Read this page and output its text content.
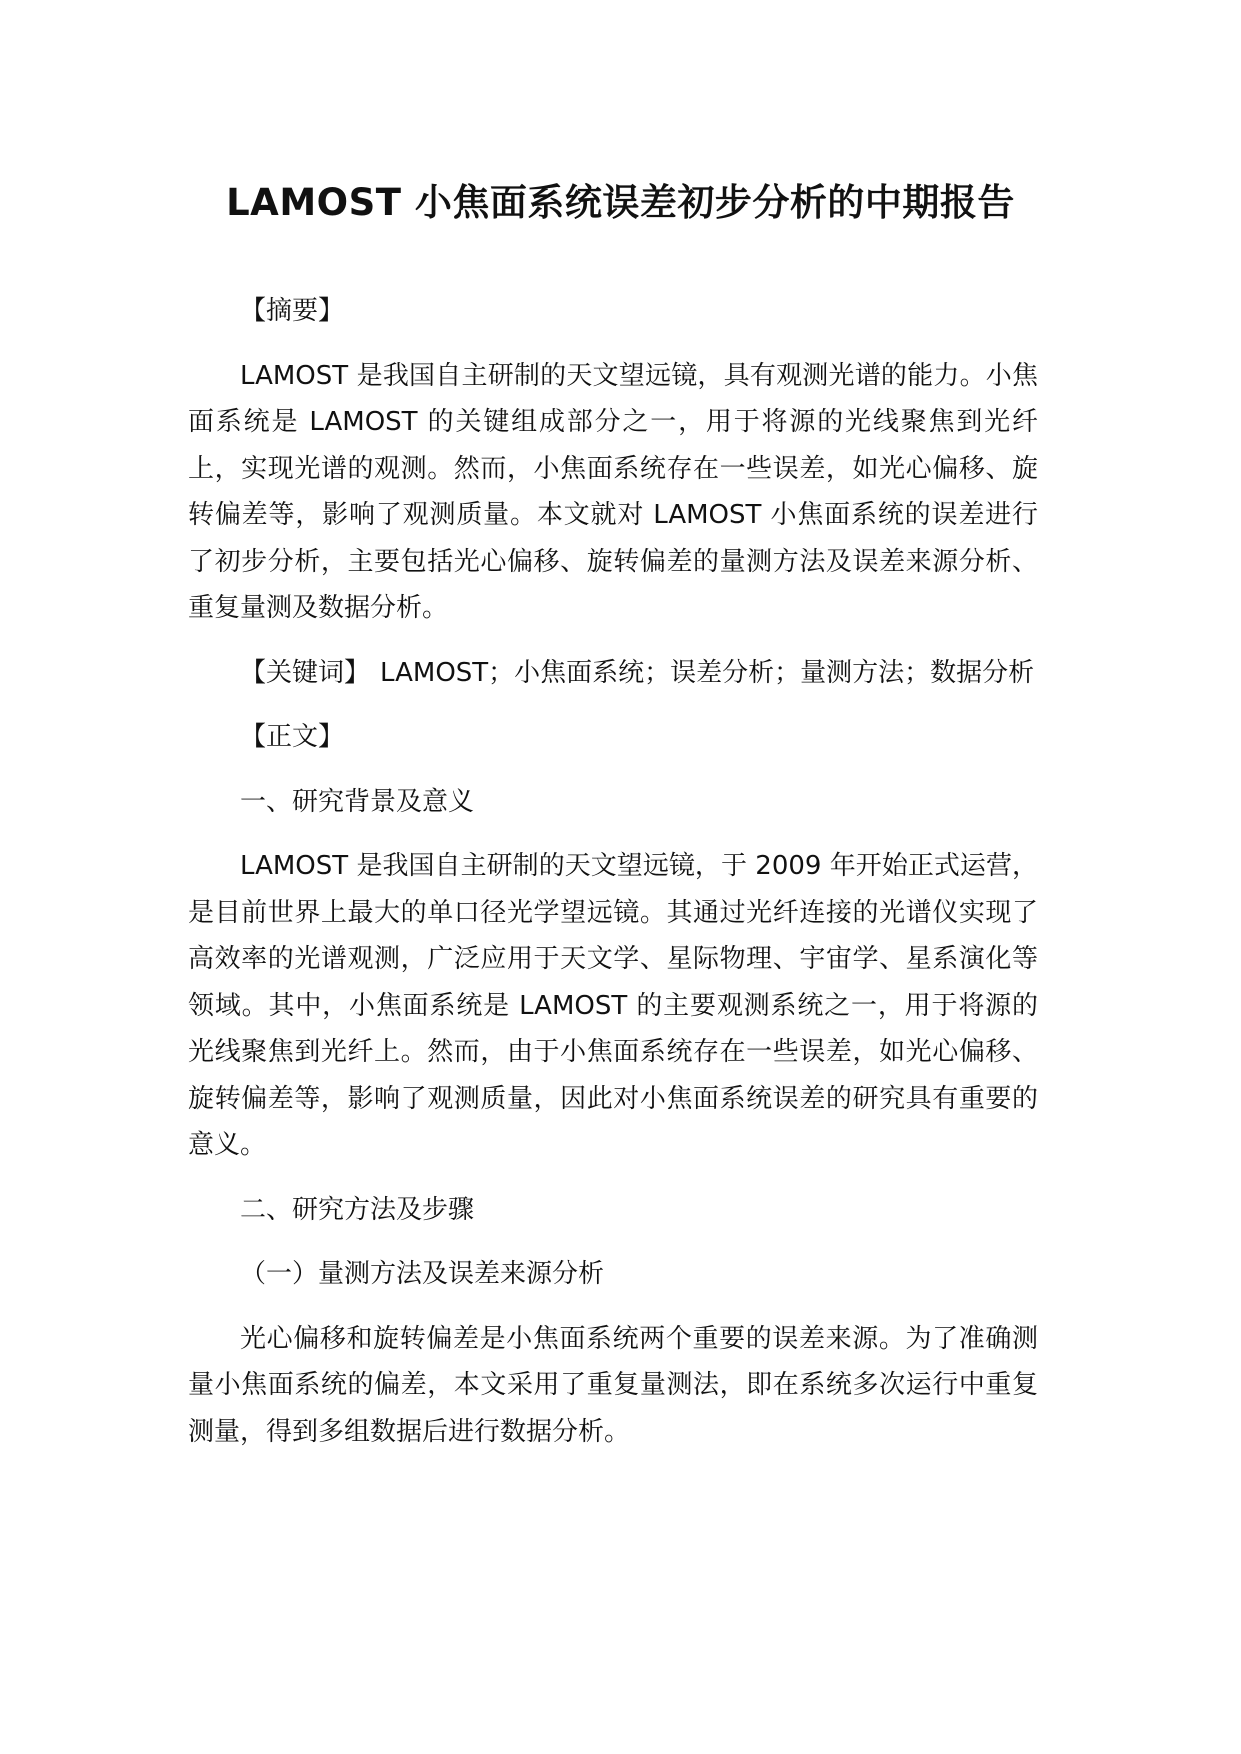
LAMOST 小焦面系统误差初步分析的中期报告
【摘要】

LAMOST 是我国自主研制的天文望远镜，具有观测光谱的能力。小焦面系统是 LAMOST 的关键组成部分之一，用于将源的光线聚焦到光纤上，实现光谱的观测。然而，小焦面系统存在一些误差，如光心偏移、旋转偏差等，影响了观测质量。本文就对 LAMOST 小焦面系统的误差进行了初步分析，主要包括光心偏移、旋转偏差的量测方法及误差来源分析、重复量测及数据分析。

【关键词】 LAMOST；小焦面系统；误差分析；量测方法；数据分析

【正文】
一、研究背景及意义

LAMOST 是我国自主研制的天文望远镜，于 2009 年开始正式运营，是目前世界上最大的单口径光学望远镜。其通过光纤连接的光谱仪实现了高效率的光谱观测，广泛应用于天文学、星际物理、宇宙学、星系演化等领域。其中，小焦面系统是 LAMOST 的主要观测系统之一，用于将源的光线聚焦到光纤上。然而，由于小焦面系统存在一些误差，如光心偏移、旋转偏差等，影响了观测质量，因此对小焦面系统误差的研究具有重要的意义。

二、研究方法及步骤
（一）量测方法及误差来源分析

光心偏移和旋转偏差是小焦面系统两个重要的误差来源。为了准确测量小焦面系统的偏差，本文采用了重复量测法，即在系统多次运行中重复测量，得到多组数据后进行数据分析。
